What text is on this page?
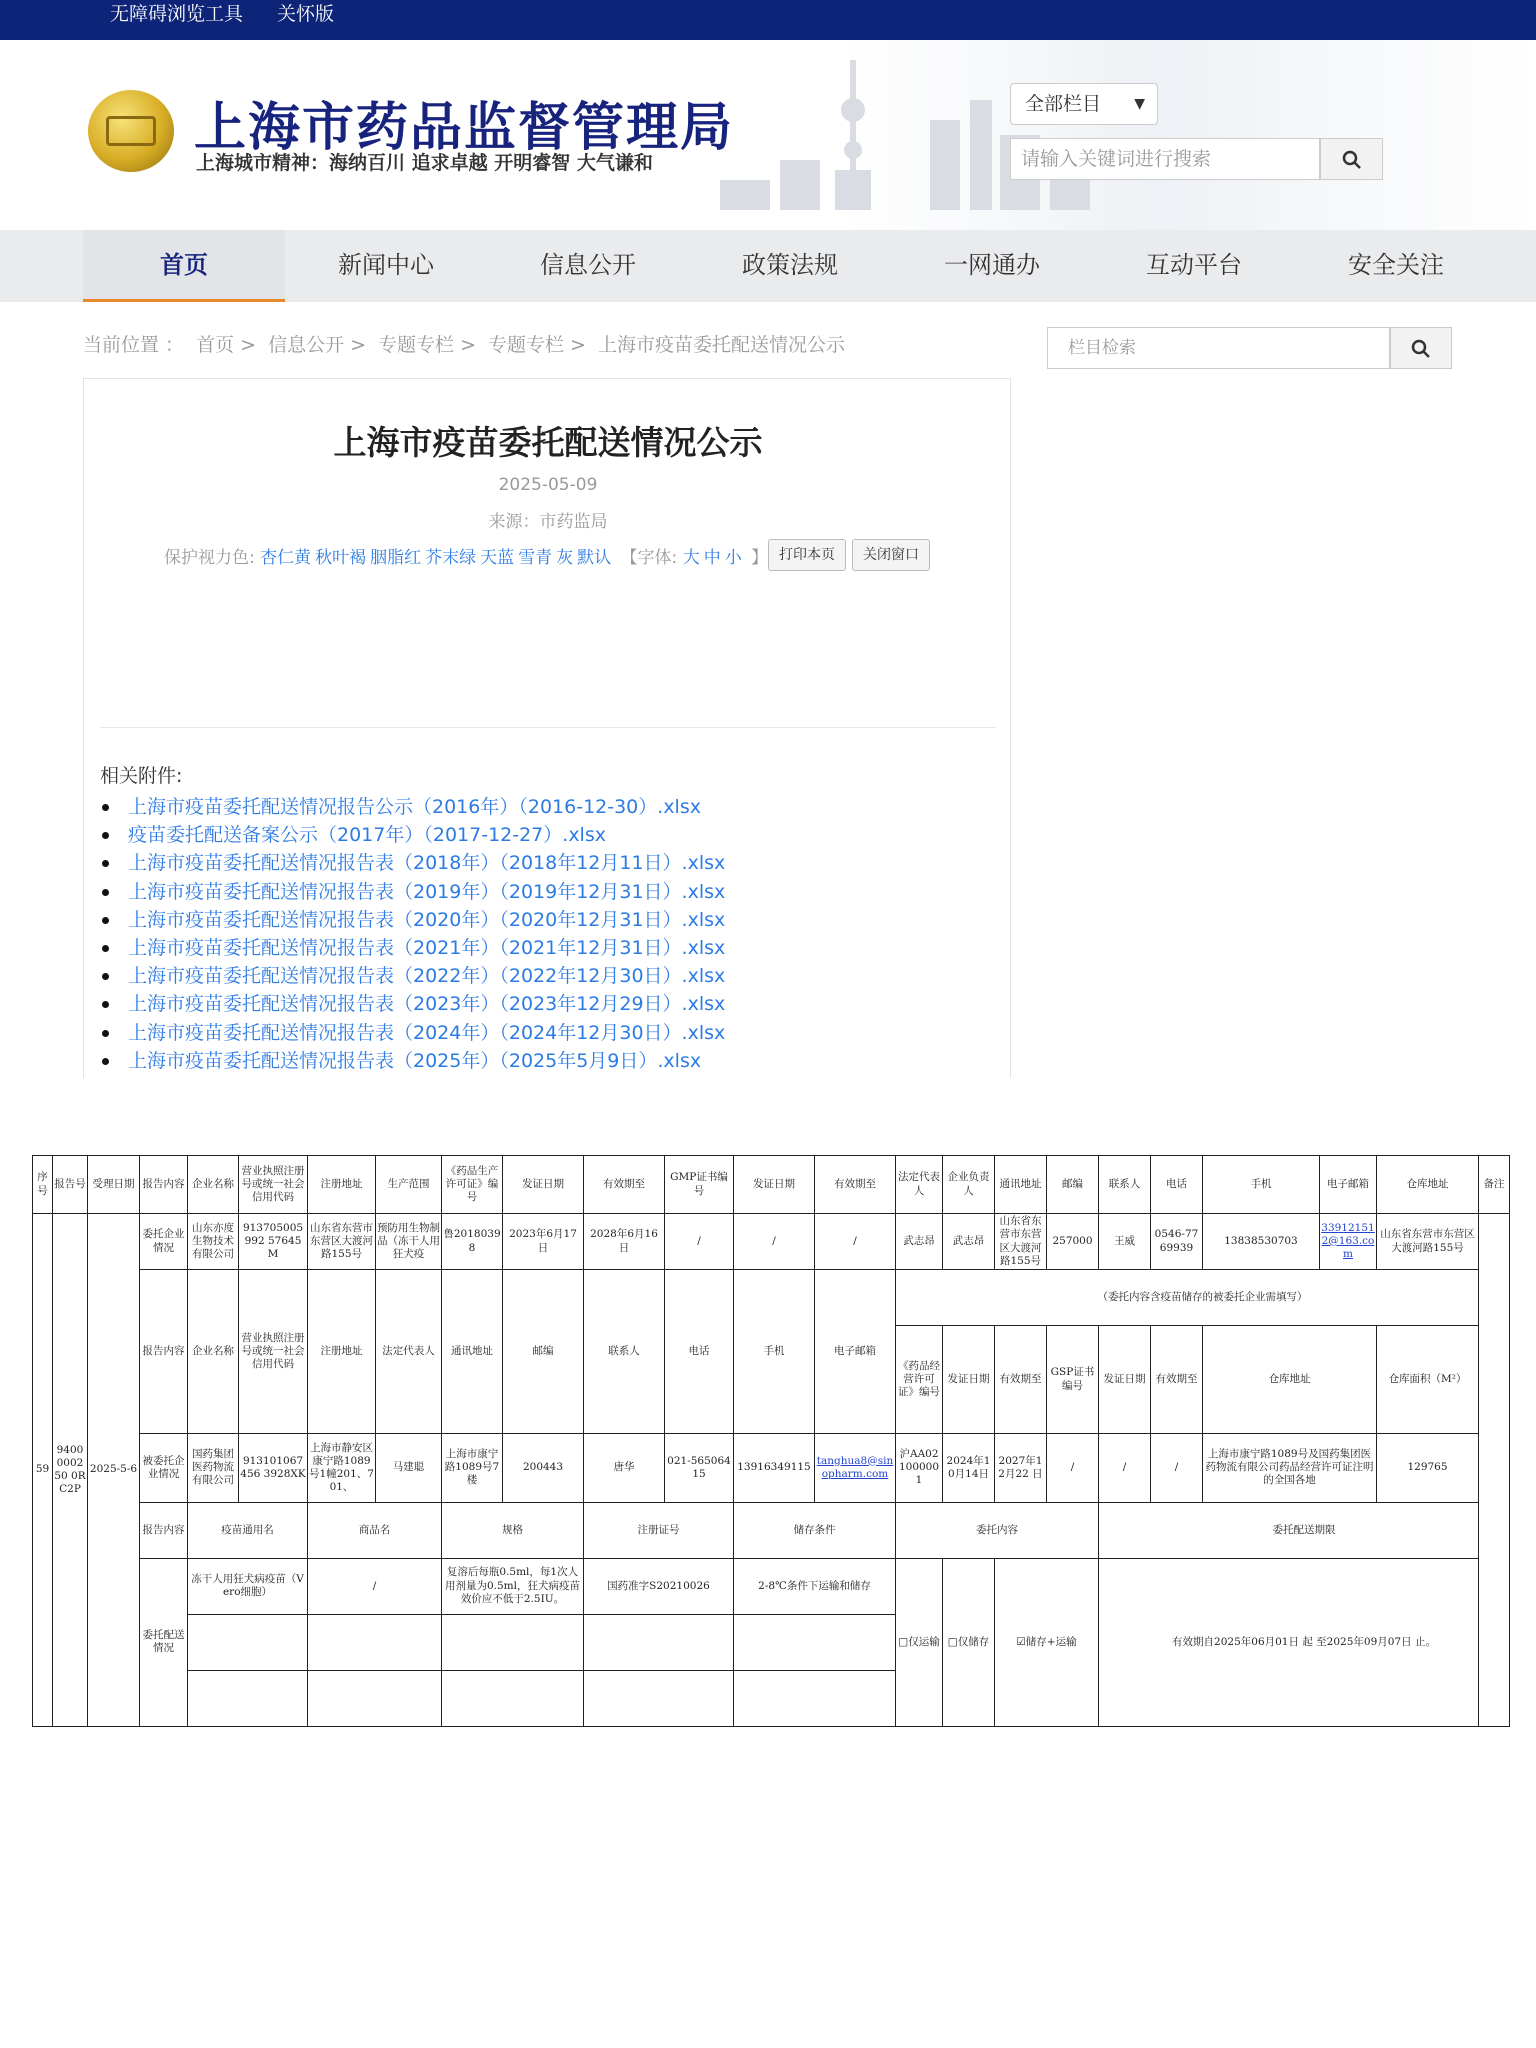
无障碍浏览工具 关怀版
上海市药品监督管理局
上海城市精神：海纳百川 追求卓越 开明睿智 大气谦和
全部栏目 ▼
请输入关键词进行搜索
首页	新闻中心	信息公开	政策法规	一网通办	互动平台	安全关注
当前位置 ： 首页 > 信息公开 > 专题专栏 > 专题专栏 > 上海市疫苗委托配送情况公示	栏目检索
上海市疫苗委托配送情况公示
2025-05-09
来源：市药监局
保护视力色: 杏仁黄 秋叶褐 胭脂红 芥末绿 天蓝 雪青 灰 默认 【字体: 大 中 小 】 打印本页	关闭窗口
相关附件:
上海市疫苗委托配送情况报告公示（2016年）（2016-12-30）.xlsx
疫苗委托配送备案公示（2017年）（2017-12-27）.xlsx
上海市疫苗委托配送情况报告表（2018年）（2018年12月11日）.xlsx
上海市疫苗委托配送情况报告表（2019年）（2019年12月31日）.xlsx
上海市疫苗委托配送情况报告表（2020年）（2020年12月31日）.xlsx
上海市疫苗委托配送情况报告表（2021年）（2021年12月31日）.xlsx
上海市疫苗委托配送情况报告表（2022年）（2022年12月30日）.xlsx
上海市疫苗委托配送情况报告表（2023年）（2023年12月29日）.xlsx
上海市疫苗委托配送情况报告表（2024年）（2024年12月30日）.xlsx
上海市疫苗委托配送情况报告表（2025年）（2025年5月9日）.xlsx
序号	报告号	受理日期	报告内容	企业名称	营业执照注册号或统一社会信用代码	注册地址	生产范围	《药品生产许可证》编号	发证日期	有效期至	GMP证书编号	发证日期	有效期至	法定代表人	企业负责人	通讯地址	邮编	联系人	电话	手机	电子邮箱	仓库地址	备注	
59	9400000250 0RC2P	2025-5-6	委托企业情况	山东亦度生物技术有限公司	913705005992 57645M	山东省东营市东营区大渡河路155号	预防用生物制品（冻干人用狂犬疫	鲁20180398	2023年6月17日	2028年6月16日	/	/	/	武志昂	武志昂	山东省东营市东营区大渡河路155号	257000	王威	0546-7769939	13838530703	339121512@163.com	山东省东营市东营区大渡河路155号		
			报告内容	企业名称	营业执照注册号或统一社会信用代码	注册地址	法定代表人	通讯地址	邮编	联系人	电话	手机	电子邮箱	（委托内容含疫苗储存的被委托企业需填写）										
														《药品经营许可证》编号	发证日期	有效期至	GSP证书编号	发证日期	有效期至	仓库地址		仓库面积（M²）		
			被委托企业情况	国药集团医药物流有限公司	913101067456 3928XK	上海市静安区康宁路1089号1幢201、701、	马建聪	上海市康宁路1089号7楼	200443	唐华	021-56506415	13916349115	tanghua8@sinopharm.com	沪AA021000001	2024年10月14日	2027年12月22 日	/	/	/	上海市康宁路1089号及国药集团医药物流有限公司药品经营许可证注明的全国各地		129765		
			报告内容	疫苗通用名		商品名		规格		注册证号		储存条件		委托内容				委托配送期限						
			委托配送情况	冻干人用狂犬病疫苗（Vero细胞）		/		复溶后每瓶0.5ml，每1次人用剂量为0.5ml，狂犬病疫苗效价应不低于2.5IU。		国药准字S20210026		2-8℃条件下运输和储存		□仅运输	□仅储存	☑储存+运输		有效期自2025年06月01日 起 至2025年09月07日 止。						
